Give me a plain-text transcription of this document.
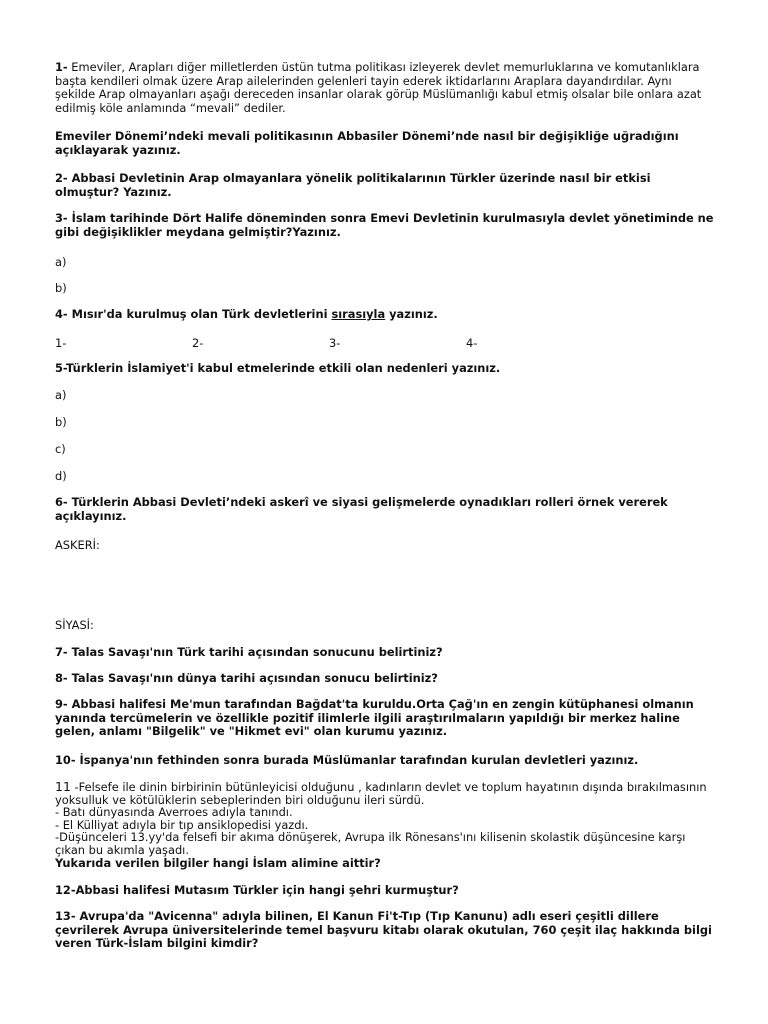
1- Emeviler, Arapları diğer milletlerden üstün tutma politikası izleyerek devlet memurluklarına ve komutanlıklara başta kendileri olmak üzere Arap ailelerinden gelenleri tayin ederek iktidarlarını Araplara dayandırdılar. Aynı şekilde Arap olmayanları aşağı dereceden insanlar olarak görüp Müslümanlığı kabul etmiş olsalar bile onlara azat edilmiş köle anlamında “mevali” dediler.
Emeviler Dönemi’ndeki mevali politikasının Abbasiler Dönemi’nde nasıl bir değişikliğe uğradığını açıklayarak yazınız.
2- Abbasi Devletinin Arap olmayanlara yönelik politikalarının Türkler üzerinde nasıl bir etkisi olmuştur? Yazınız.
3- İslam tarihinde Dört Halife döneminden sonra Emevi Devletinin kurulmasıyla devlet yönetiminde ne gibi değişiklikler meydana gelmiştir?Yazınız.
a)
b)
4- Mısır'da kurulmuş olan Türk devletlerini sırasıyla yazınız.
1-	2-	3-	4-
5-Türklerin İslamiyet'i kabul etmelerinde etkili olan nedenleri yazınız.
a)
b)
c)
d)
6- Türklerin Abbasi Devleti’ndeki askerî ve siyasi gelişmelerde oynadıkları rolleri örnek vererek açıklayınız.
ASKERİ:
SİYASİ:
7- Talas Savaşı'nın Türk tarihi açısından sonucunu belirtiniz?
8- Talas Savaşı'nın dünya tarihi açısından sonucu belirtiniz?
9- Abbasi halifesi Me'mun tarafından Bağdat'ta kuruldu.Orta Çağ'ın en zengin kütüphanesi olmanın yanında tercümelerin ve özellikle pozitif ilimlerle ilgili araştırılmaların yapıldığı bir merkez haline gelen, anlamı "Bilgelik" ve "Hikmet evi" olan kurumu yazınız.
10- İspanya'nın fethinden sonra burada Müslümanlar tarafından kurulan devletleri yazınız.
11 -Felsefe ile dinin birbirinin bütünleyicisi olduğunu , kadınların devlet ve toplum hayatının dışında bırakılmasının yoksulluk ve kötülüklerin sebeplerinden biri olduğunu ileri sürdü.
- Batı dünyasında Averroes adıyla tanındı.
- El Külliyat adıyla bir tıp ansiklopedisi yazdı.
-Düşünceleri 13.yy'da felsefi bir akıma dönüşerek, Avrupa ilk Rönesans'ını kilisenin skolastik düşüncesine karşı çıkan bu akımla yaşadı.
Yukarıda verilen bilgiler hangi İslam alimine aittir?
12-Abbasi halifesi Mutasım Türkler için hangi şehri kurmuştur?
13- Avrupa'da "Avicenna" adıyla bilinen, El Kanun Fi't-Tıp (Tıp Kanunu) adlı eseri çeşitli dillere çevrilerek Avrupa üniversitelerinde temel başvuru kitabı olarak okutulan, 760 çeşit ilaç hakkında bilgi veren Türk-İslam bilgini kimdir?
